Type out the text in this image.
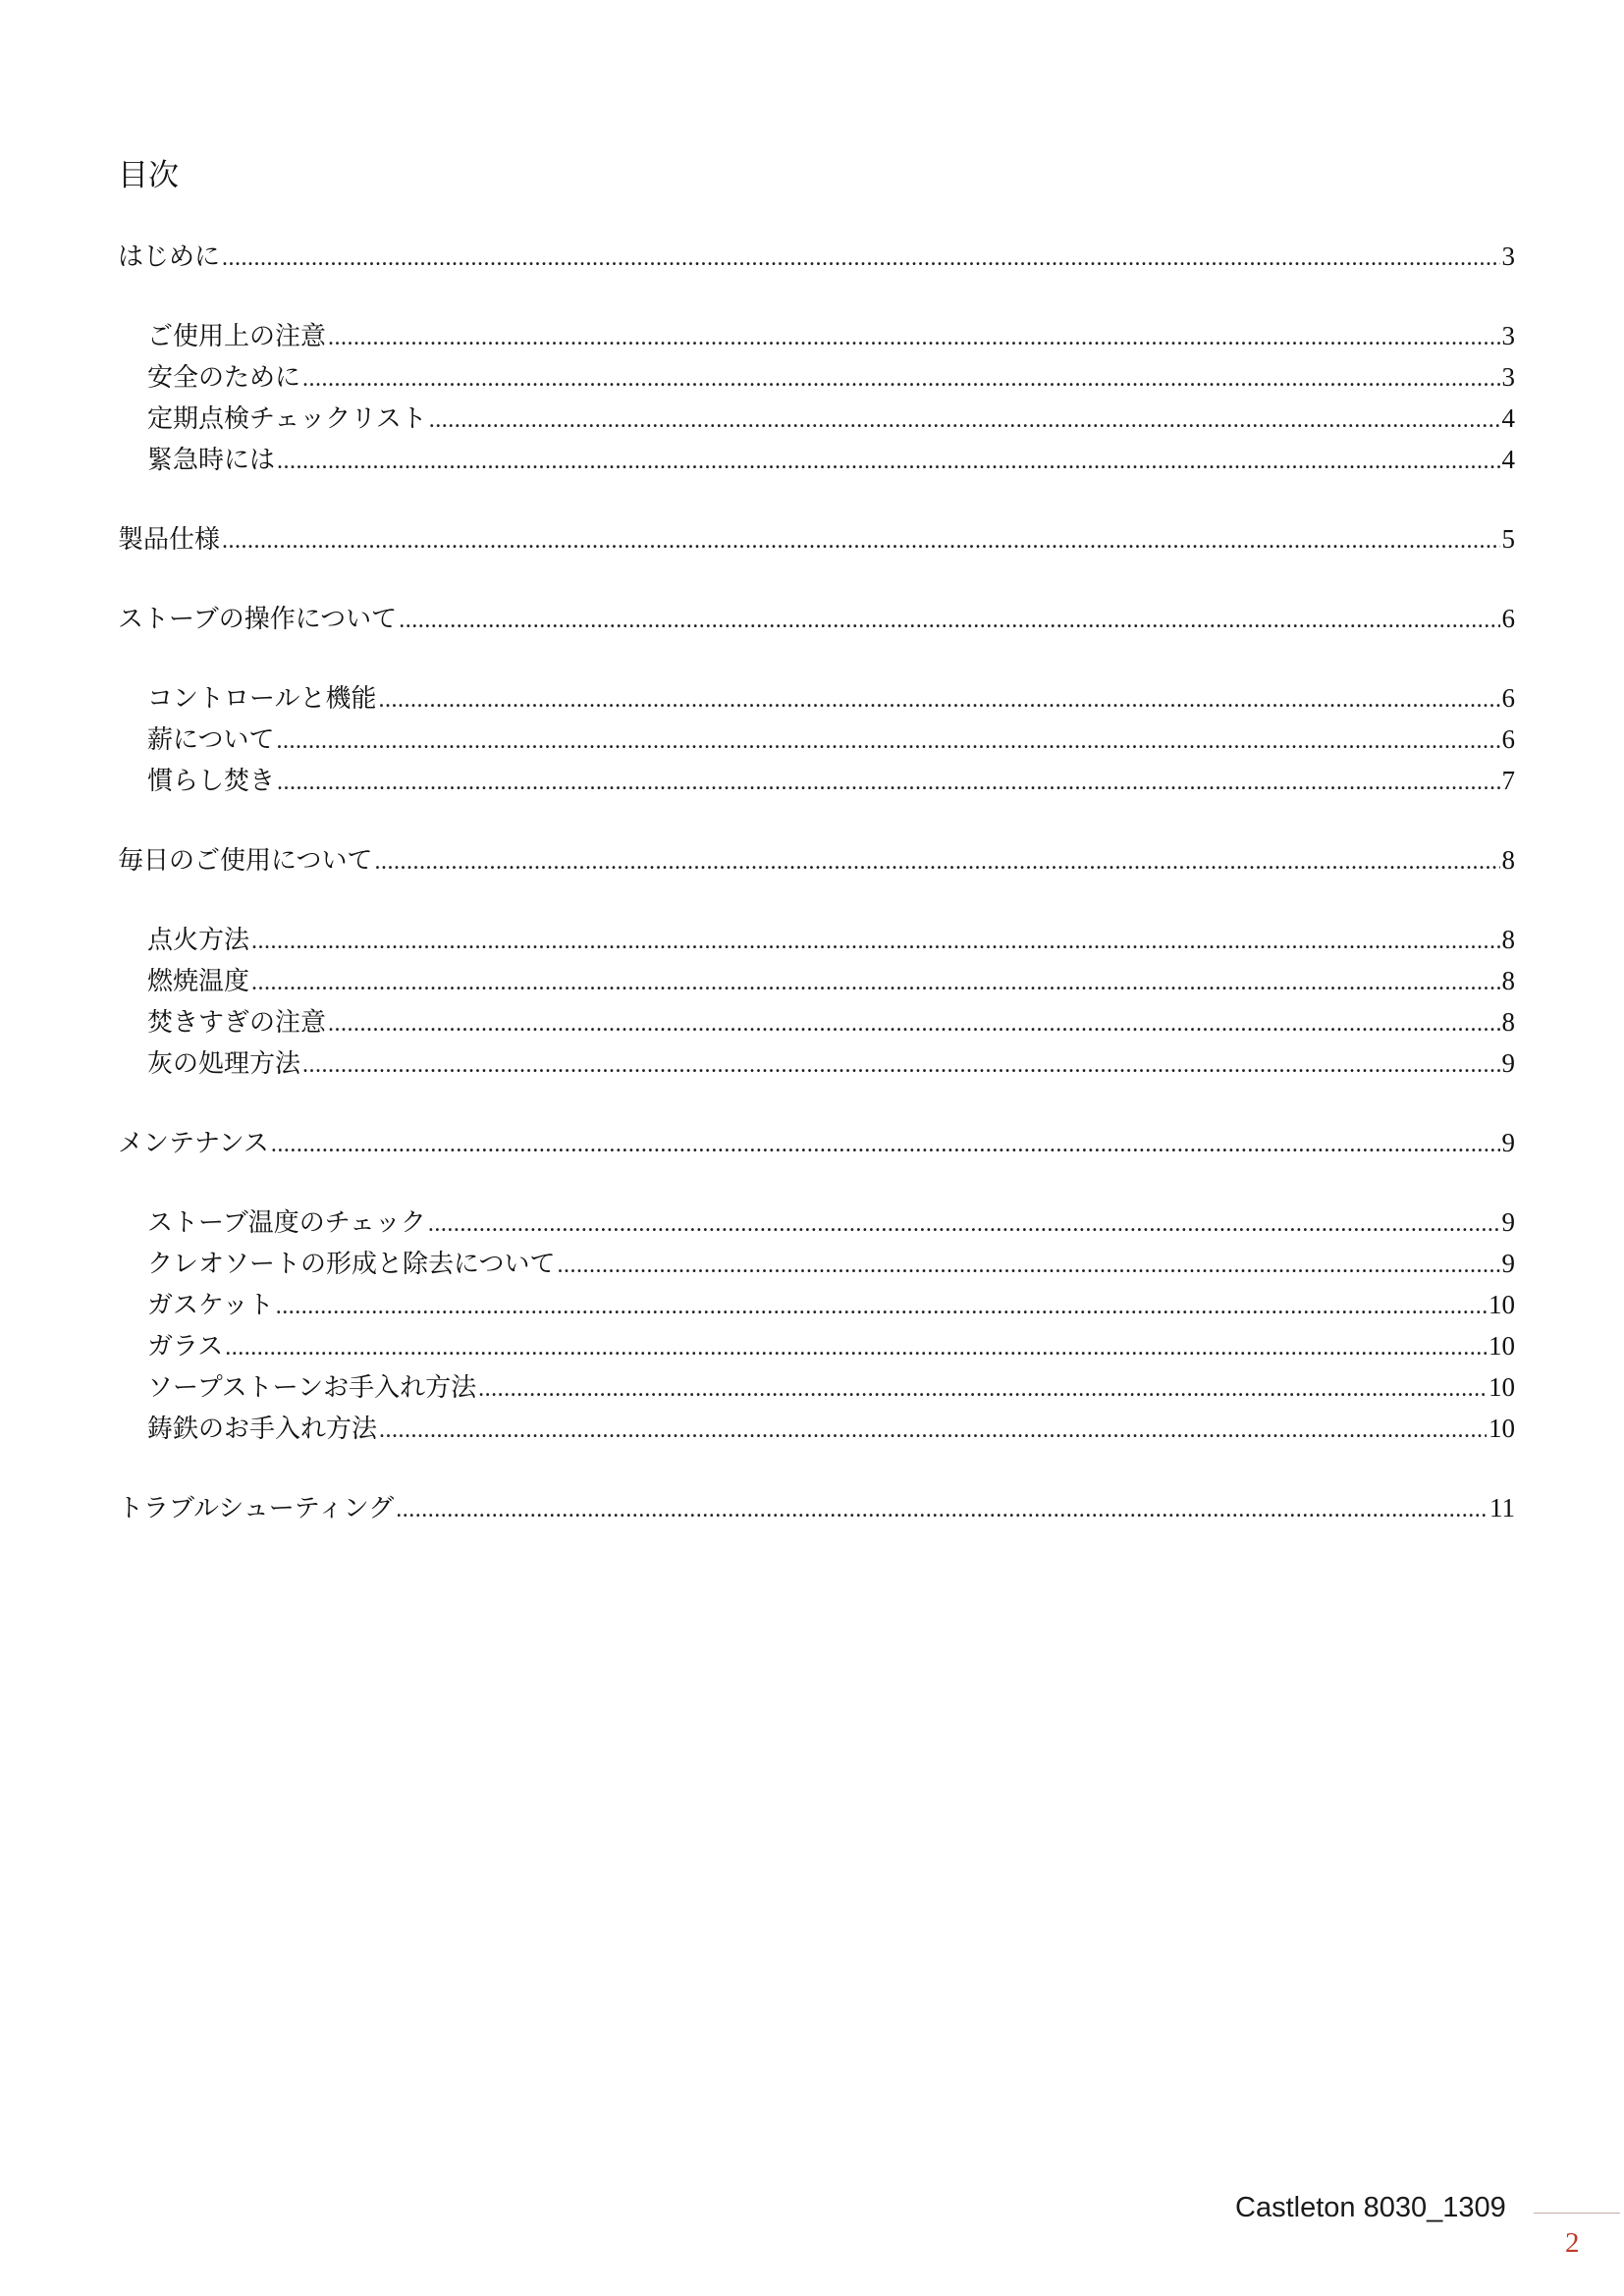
目次
はじめに .....	3
ご使用上の注意 .....	3
安全のために .....	3
定期点検チェックリスト .....	4
緊急時には .....	4
製品仕様 .....	5
ストーブの操作について .....	6
コントロールと機能 .....	6
薪について .....	6
慣らし焚き .....	7
毎日のご使用について .....	8
点火方法 .....	8
燃焼温度 .....	8
焚きすぎの注意 .....	8
灰の処理方法 .....	9
メンテナンス .....	9
ストーブ温度のチェック .....	9
クレオソートの形成と除去について .....	9
ガスケット .....	10
ガラス .....	10
ソープストーンお手入れ方法 .....	10
鋳鉄のお手入れ方法 .....	10
トラブルシューティング .....	11
Castleton 8030_1309
2
